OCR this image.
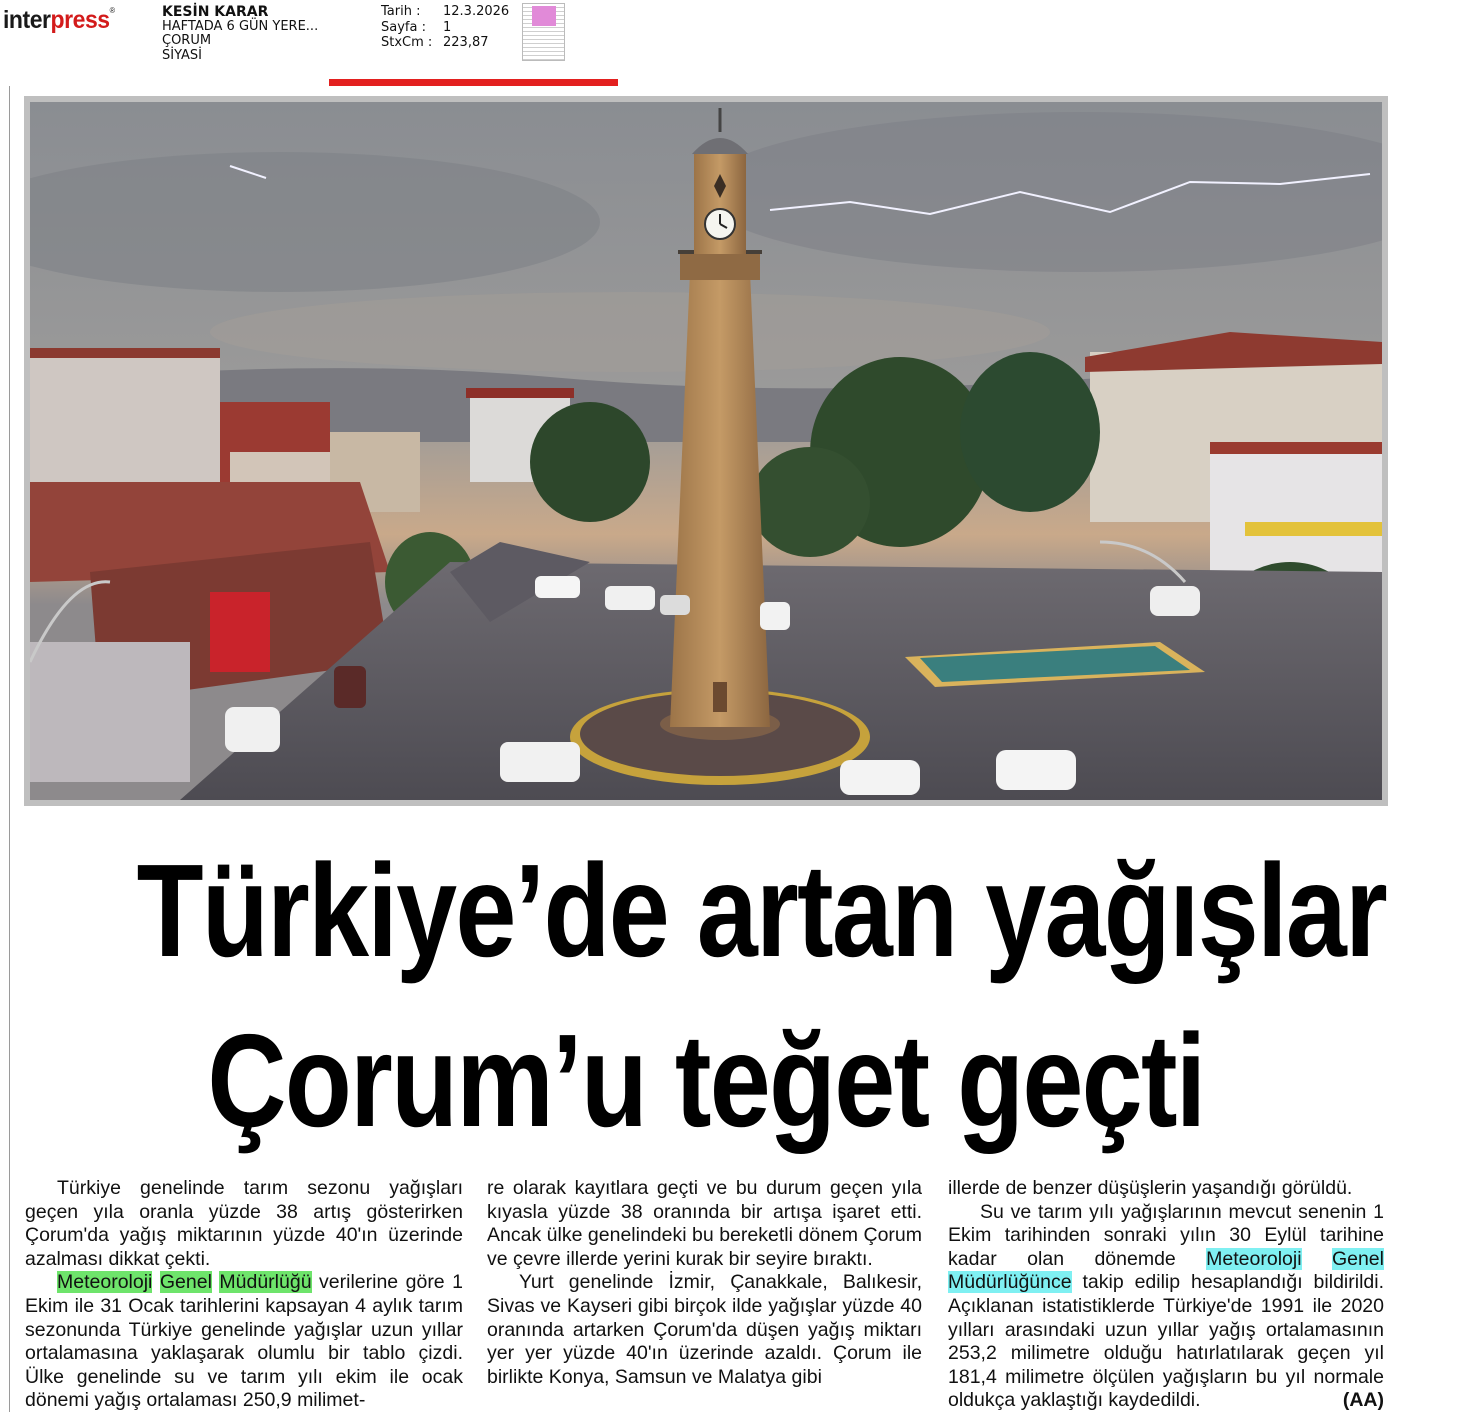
interpress®	KESİN KARAR
HAFTADA 6 GÜN YERE...
ÇORUM
SİYASİ
Tarih :	12.3.2026
Sayfa :	1
StxCm : 223,87
Türkiye’de artan yağışlar
Çorum’u teğet geçti

Türkiye genelinde tarım sezonu yağışları geçen yıla oranla yüzde 38 artış gösterirken Çorum'da yağış miktarının yüzde 40'ın üzerinde azalması dikkat çekti.

Meteoroloji Genel Müdürlüğü verilerine göre 1 Ekim ile 31 Ocak tarihlerini kapsayan 4 aylık tarım sezonunda Türkiye genelinde yağışlar uzun yıllar ortalamasına yaklaşarak olumlu bir tablo çizdi. Ülke genelinde su ve tarım yılı ekim ile ocak dönemi yağış ortalaması 250,9 milimet-

re olarak kayıtlara geçti ve bu durum geçen yıla kıyasla yüzde 38 oranında bir artışa işaret etti. Ancak ülke genelindeki bu bereketli dönem Çorum ve çevre illerde yerini kurak bir seyire bıraktı.

Yurt genelinde İzmir, Çanakkale, Balıkesir, Sivas ve Kayseri gibi birçok ilde yağışlar yüzde 40 oranında artarken Çorum'da düşen yağış miktarı yer yer yüzde 40'ın üzerinde azaldı. Çorum ile birlikte Konya, Samsun ve Malatya gibi

illerde de benzer düşüşlerin yaşandığı görüldü.

Su ve tarım yılı yağışlarının mevcut senenin 1 Ekim tarihinden sonraki yılın 30 Eylül tarihine kadar olan dönemde Meteoroloji Genel Müdürlüğünce takip edilip hesaplandığı bildirildi. Açıklanan istatistiklerde Türkiye'de 1991 ile 2020 yılları arasındaki uzun yıllar yağış ortalamasının 253,2 milimetre olduğu hatırlatılarak geçen yıl 181,4 milimetre ölçülen yağışların bu yıl normale oldukça yaklaştığı kaydedildi.	(AA)
